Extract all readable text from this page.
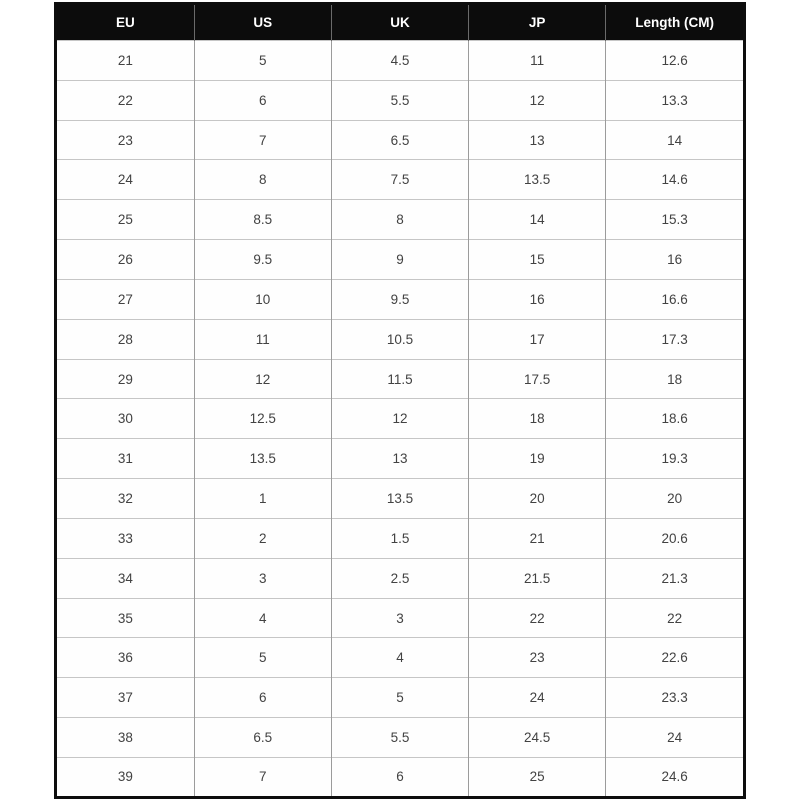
EU	US	UK	JP	Length (CM)
21	5	4.5	11	12.6
22	6	5.5	12	13.3
23	7	6.5	13	14
24	8	7.5	13.5	14.6
25	8.5	8	14	15.3
26	9.5	9	15	16
27	10	9.5	16	16.6
28	11	10.5	17	17.3
29	12	11.5	17.5	18
30	12.5	12	18	18.6
31	13.5	13	19	19.3
32	1	13.5	20	20
33	2	1.5	21	20.6
34	3	2.5	21.5	21.3
35	4	3	22	22
36	5	4	23	22.6
37	6	5	24	23.3
38	6.5	5.5	24.5	24
39	7	6	25	24.6
